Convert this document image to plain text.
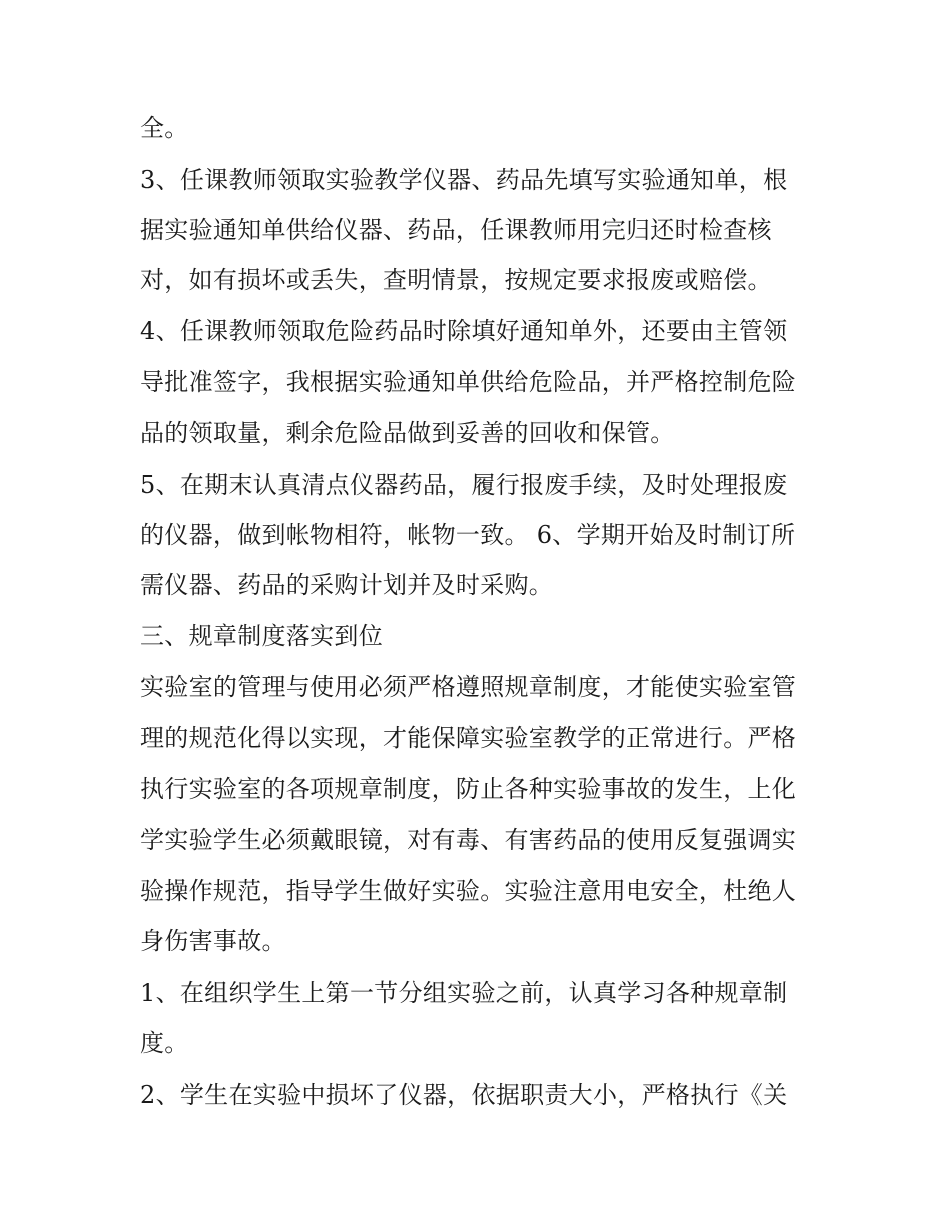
全。
3、任课教师领取实验教学仪器、药品先填写实验通知单，根
据实验通知单供给仪器、药品，任课教师用完归还时检查核
对，如有损坏或丢失，查明情景，按规定要求报废或赔偿。
4、任课教师领取危险药品时除填好通知单外，还要由主管领
导批准签字，我根据实验通知单供给危险品，并严格控制危险
品的领取量，剩余危险品做到妥善的回收和保管。
5、在期末认真清点仪器药品，履行报废手续，及时处理报废
的仪器，做到帐物相符，帐物一致。 6、学期开始及时制订所
需仪器、药品的采购计划并及时采购。
三、规章制度落实到位
实验室的管理与使用必须严格遵照规章制度，才能使实验室管
理的规范化得以实现，才能保障实验室教学的正常进行。严格
执行实验室的各项规章制度，防止各种实验事故的发生，上化
学实验学生必须戴眼镜，对有毒、有害药品的使用反复强调实
验操作规范，指导学生做好实验。实验注意用电安全，杜绝人
身伤害事故。
1、在组织学生上第一节分组实验之前，认真学习各种规章制
度。
2、学生在实验中损坏了仪器，依据职责大小，严格执行《关
